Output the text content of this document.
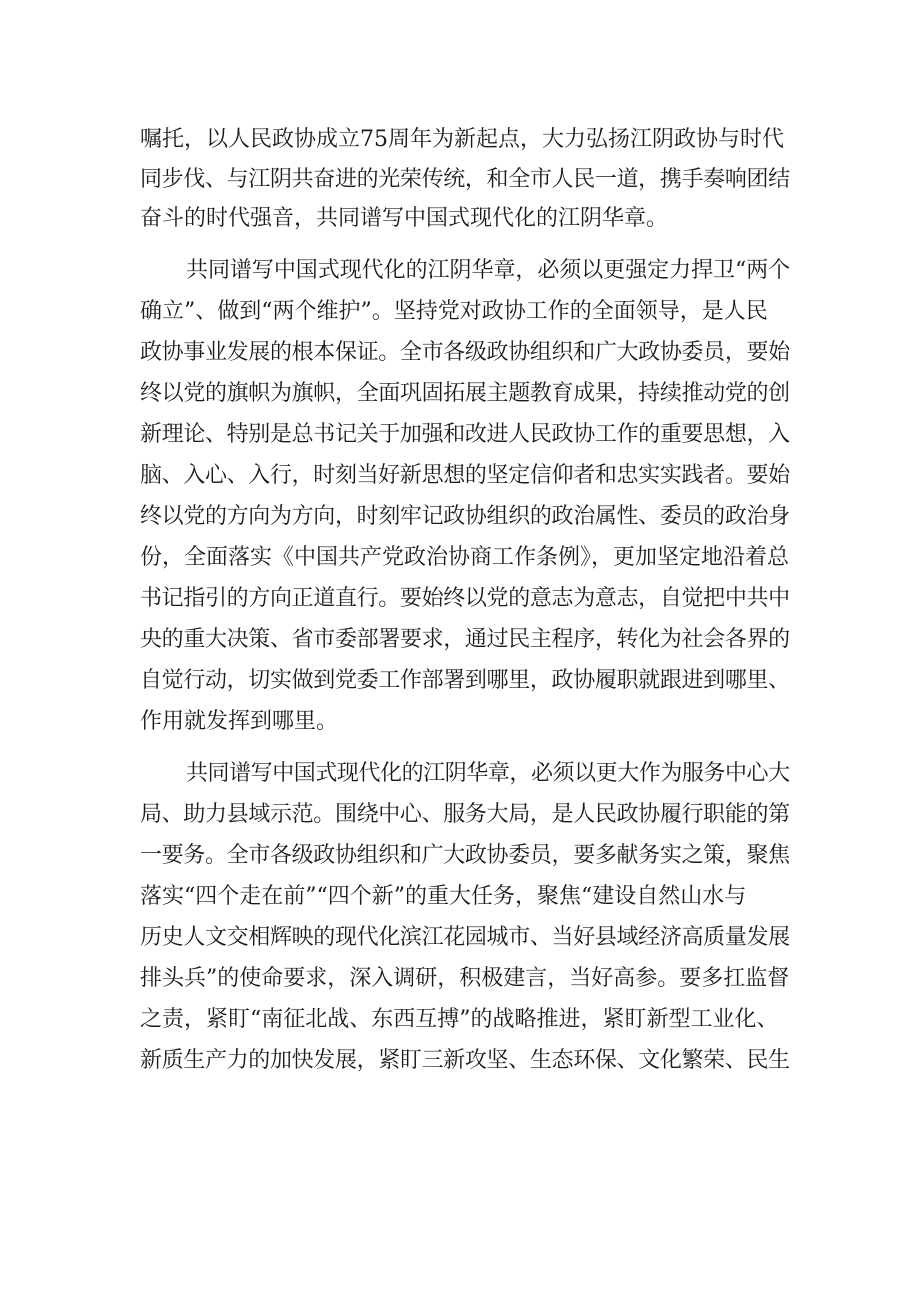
嘱托，以人民政协成立75周年为新起点，大力弘扬江阴政协与时代
同步伐、与江阴共奋进的光荣传统，和全市人民一道，携手奏响团结
奋斗的时代强音，共同谱写中国式现代化的江阴华章。
共同谱写中国式现代化的江阴华章，必须以更强定力捍卫“两个
确立”、做到“两个维护”。坚持党对政协工作的全面领导，是人民
政协事业发展的根本保证。全市各级政协组织和广大政协委员，要始
终以党的旗帜为旗帜，全面巩固拓展主题教育成果，持续推动党的创
新理论、特别是总书记关于加强和改进人民政协工作的重要思想，入
脑、入心、入行，时刻当好新思想的坚定信仰者和忠实实践者。要始
终以党的方向为方向，时刻牢记政协组织的政治属性、委员的政治身
份，全面落实《中国共产党政治协商工作条例》，更加坚定地沿着总
书记指引的方向正道直行。要始终以党的意志为意志，自觉把中共中
央的重大决策、省市委部署要求，通过民主程序，转化为社会各界的
自觉行动，切实做到党委工作部署到哪里，政协履职就跟进到哪里、
作用就发挥到哪里。
共同谱写中国式现代化的江阴华章，必须以更大作为服务中心大
局、助力县域示范。围绕中心、服务大局，是人民政协履行职能的第
一要务。全市各级政协组织和广大政协委员，要多献务实之策，聚焦
落实“四个走在前”“四个新”的重大任务，聚焦“建设自然山水与
历史人文交相辉映的现代化滨江花园城市、当好县域经济高质量发展
排头兵”的使命要求，深入调研，积极建言，当好高参。要多扛监督
之责，紧盯“南征北战、东西互搏”的战略推进，紧盯新型工业化、
新质生产力的加快发展，紧盯三新攻坚、生态环保、文化繁荣、民生
